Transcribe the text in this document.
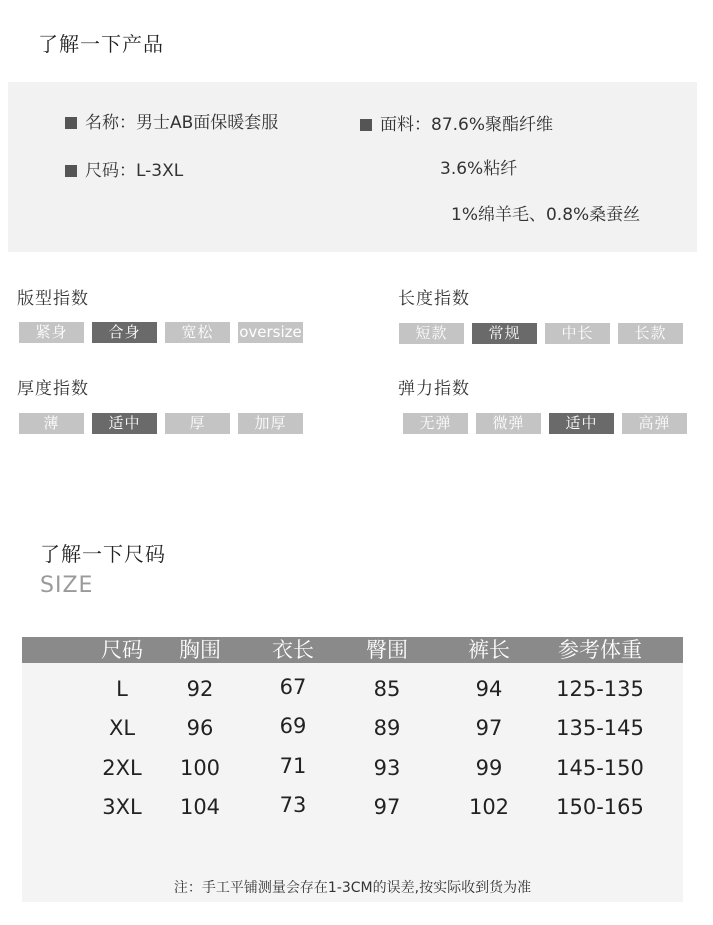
了解一下产品
名称：男士AB面保暖套服
尺码：L-3XL
面料：87.6%聚酯纤维
3.6%粘纤
1%绵羊毛、0.8%桑蚕丝
版型指数
紧身	合身	宽松	oversize
长度指数
短款	常规	中长	长款
厚度指数
薄	适中	厚	加厚
弹力指数
无弹	微弹	适中	高弹
了解一下尺码
SIZE
尺码 胸围 衣长 臀围	裤长 参考体重
L	92	67	85	94	125-135
XL 96	69	89	97	135-145
2XL 100	71	93	99	145-150
3XL 104	73	97	102 150-165
注：手工平铺测量会存在1-3CM的误差,按实际收到货为准
